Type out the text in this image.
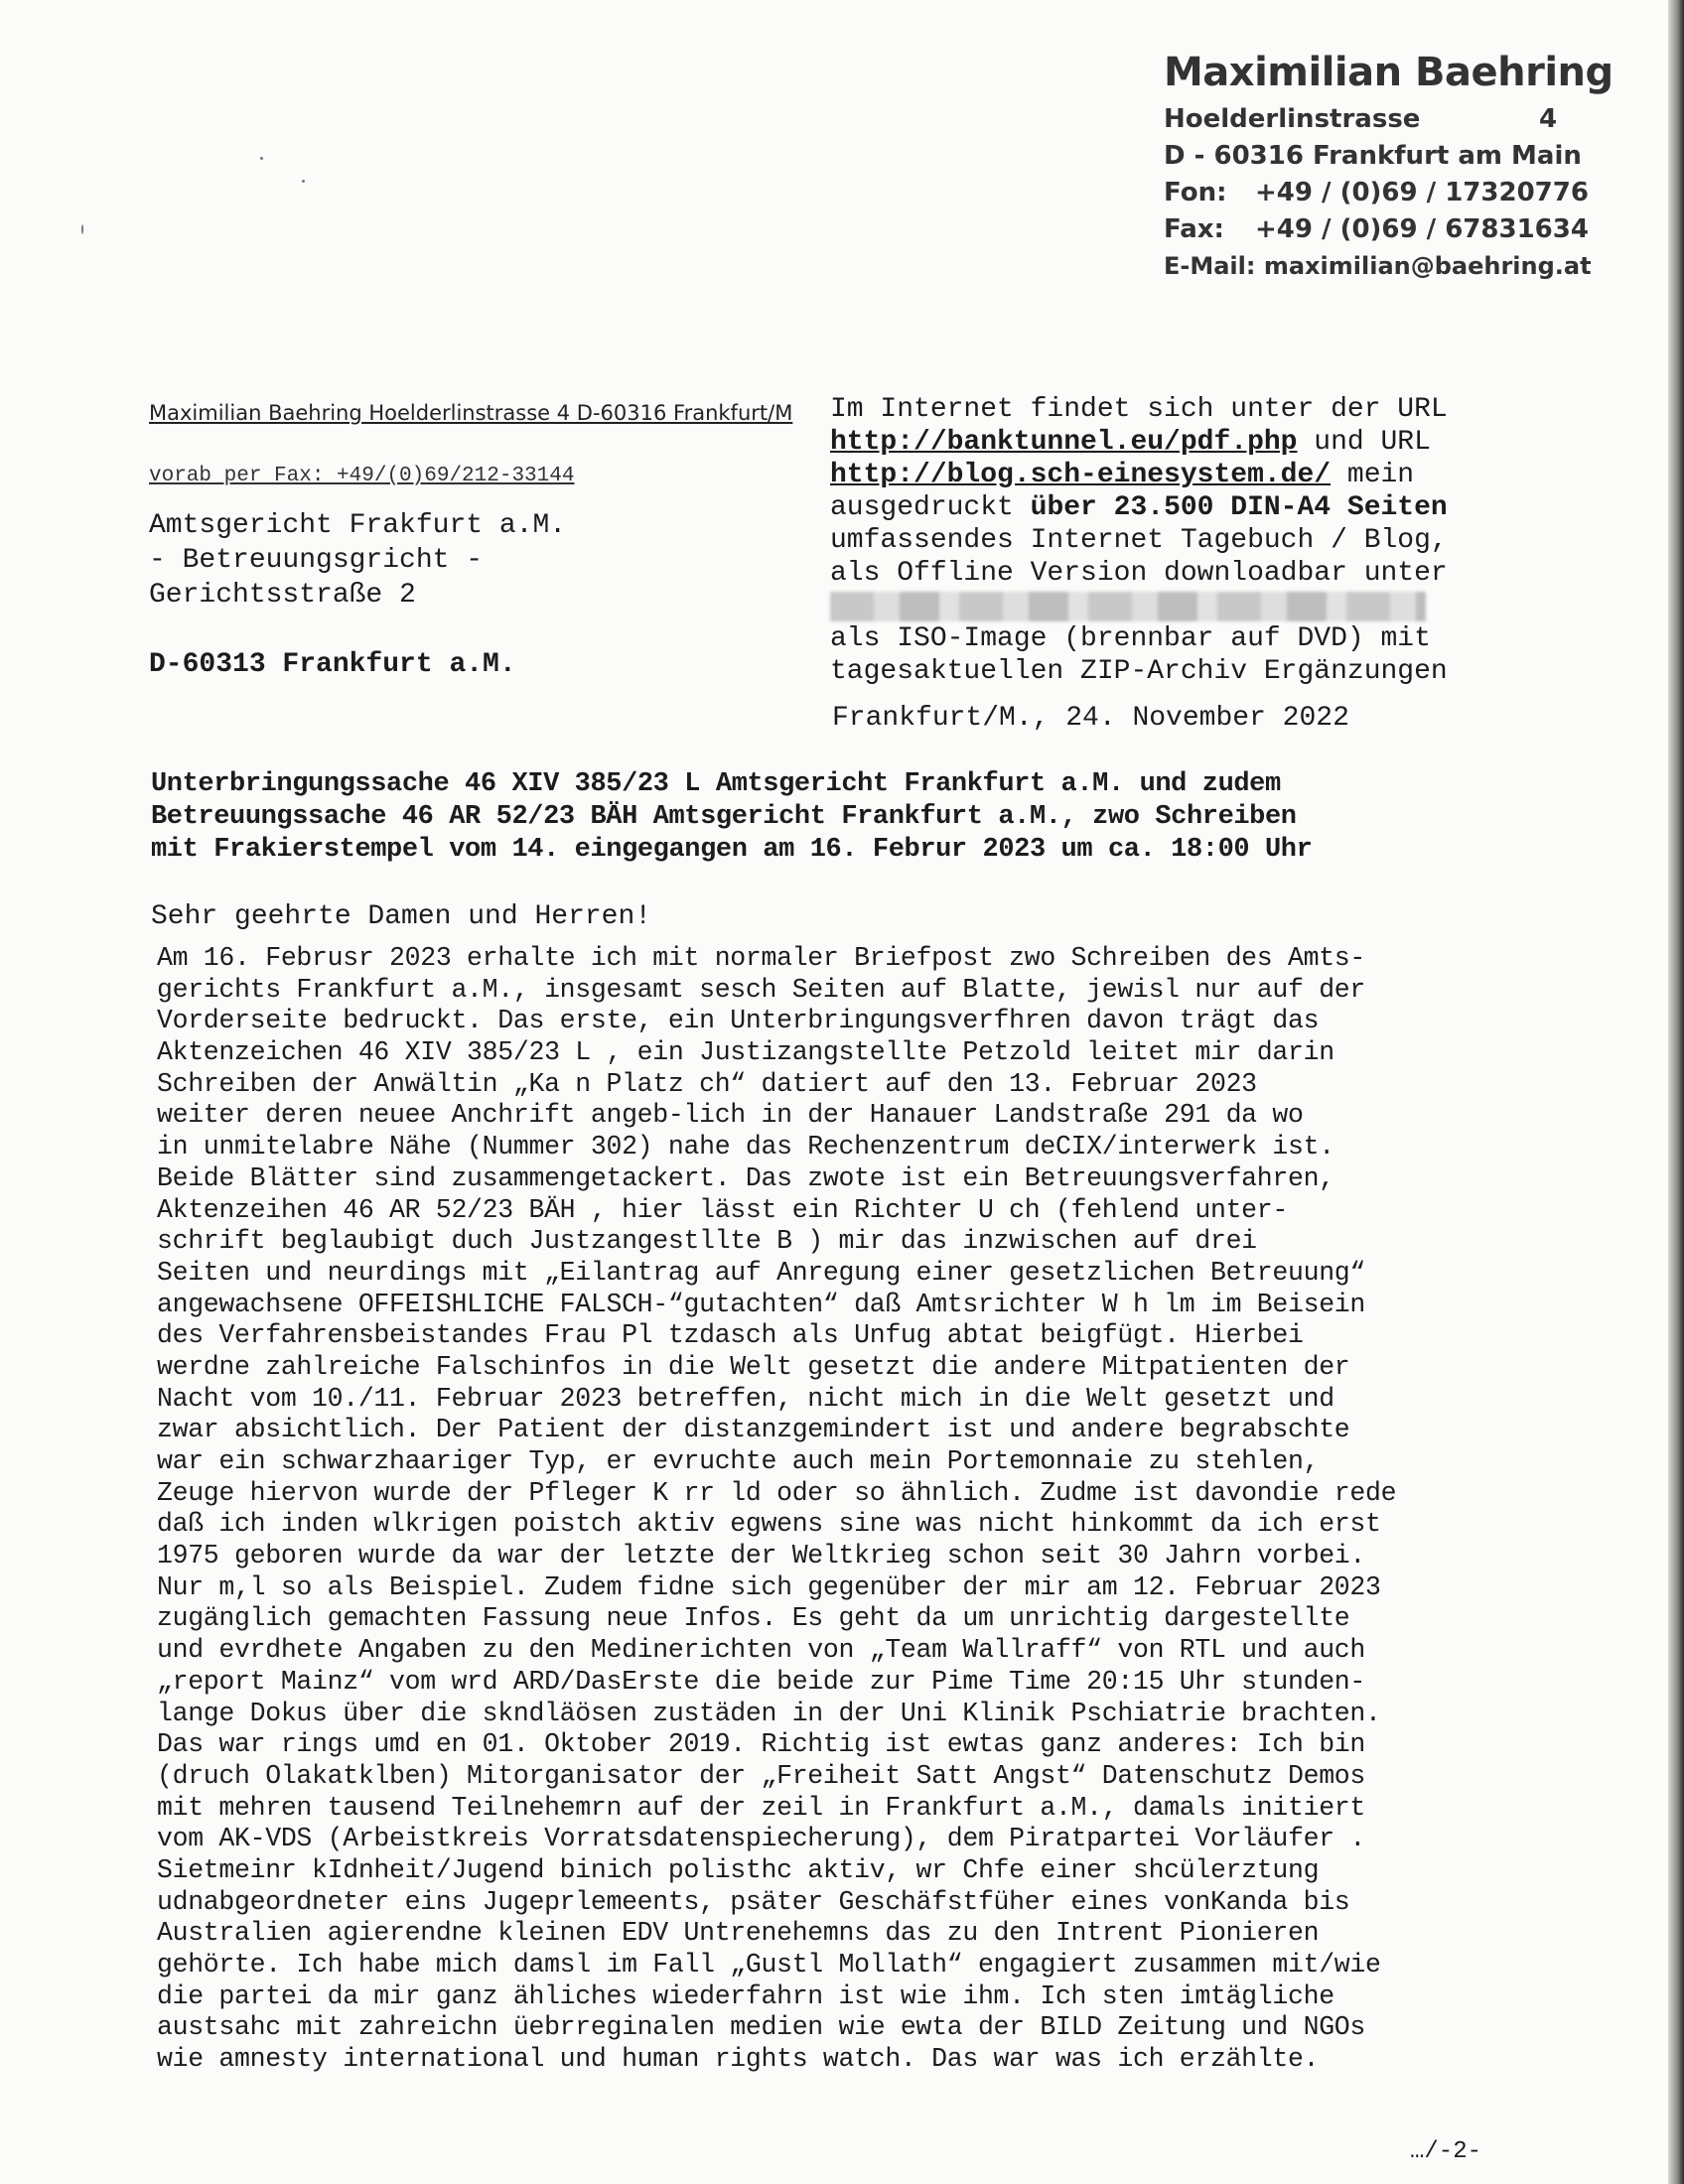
Maximilian Baehring
Hoelderlinstrasse	4
D - 60316 Frankfurt am Main
Fon: +49 / (0)69 / 17320776
Fax: +49 / (0)69 / 67831634
E-Mail: maximilian@baehring.at
Maximilian Baehring Hoelderlinstrasse 4 D-60316 Frankfurt/M
vorab per Fax: +49/(0)69/212-33144
Amtsgericht Frakfurt a.M.
- Betreuungsgricht -
Gerichtsstraße 2
D-60313 Frankfurt a.M.
Im Internet findet sich unter der URL
http://banktunnel.eu/pdf.php und URL
http://blog.sch-einesystem.de/ mein
ausgedruckt über 23.500 DIN-A4 Seiten
umfassendes Internet Tagebuch / Blog,
als Offline Version downloadbar unter
als ISO-Image (brennbar auf DVD) mit
tagesaktuellen ZIP-Archiv Ergänzungen
Frankfurt/M., 24. November 2022
Unterbringungssache 46 XIV 385/23 L Amtsgericht Frankfurt a.M. und zudem
Betreuungssache 46 AR 52/23 BÄH Amtsgericht Frankfurt a.M., zwo Schreiben
mit Frakierstempel vom 14. eingegangen am 16. Februr 2023 um ca. 18:00 Uhr
Sehr geehrte Damen und Herren!
Am 16. Februsr 2023 erhalte ich mit normaler Briefpost zwo Schreiben des Amts-
gerichts Frankfurt a.M., insgesamt sesch Seiten auf Blatte, jewisl nur auf der
Vorderseite bedruckt. Das erste, ein Unterbringungsverfhren davon trägt das
Aktenzeichen 46 XIV 385/23 L , ein Justizangstellte Petzold leitet mir darin
Schreiben der Anwältin „Ka n Platz ch“ datiert auf den 13. Februar 2023
weiter deren neuee Anchrift angeb-lich in der Hanauer Landstraße 291 da wo
in unmitelabre Nähe (Nummer 302) nahe das Rechenzentrum deCIX/interwerk ist.
Beide Blätter sind zusammengetackert. Das zwote ist ein Betreuungsverfahren,
Aktenzeihen 46 AR 52/23 BÄH , hier lässt ein Richter U ch (fehlend unter-
schrift beglaubigt duch Justzangestllte B ) mir das inzwischen auf drei
Seiten und neurdings mit „Eilantrag auf Anregung einer gesetzlichen Betreuung“
angewachsene OFFEISHLICHE FALSCH-“gutachten“ daß Amtsrichter W h lm im Beisein
des Verfahrensbeistandes Frau Pl tzdasch als Unfug abtat beigfügt. Hierbei
werdne zahlreiche Falschinfos in die Welt gesetzt die andere Mitpatienten der
Nacht vom 10./11. Februar 2023 betreffen, nicht mich in die Welt gesetzt und
zwar absichtlich. Der Patient der distanzgemindert ist und andere begrabschte
war ein schwarzhaariger Typ, er evruchte auch mein Portemonnaie zu stehlen,
Zeuge hiervon wurde der Pfleger K rr ld oder so ähnlich. Zudme ist davondie rede
daß ich inden wlkrigen poistch aktiv egwens sine was nicht hinkommt da ich erst
1975 geboren wurde da war der letzte der Weltkrieg schon seit 30 Jahrn vorbei.
Nur m,l so als Beispiel. Zudem fidne sich gegenüber der mir am 12. Februar 2023
zugänglich gemachten Fassung neue Infos. Es geht da um unrichtig dargestellte
und evrdhete Angaben zu den Medinerichten von „Team Wallraff“ von RTL und auch
„report Mainz“ vom wrd ARD/DasErste die beide zur Pime Time 20:15 Uhr stunden-
lange Dokus über die skndläösen zustäden in der Uni Klinik Pschiatrie brachten.
Das war rings umd en 01. Oktober 2019. Richtig ist ewtas ganz anderes: Ich bin
(druch Olakatklben) Mitorganisator der „Freiheit Satt Angst“ Datenschutz Demos
mit mehren tausend Teilnehemrn auf der zeil in Frankfurt a.M., damals initiert
vom AK-VDS (Arbeistkreis Vorratsdatenspiecherung), dem Piratpartei Vorläufer .
Sietmeinr kIdnheit/Jugend binich polisthc aktiv, wr Chfe einer shcülerztung
udnabgeordneter eins Jugeprlemeents, psäter Geschäfstfüher eines vonKanda bis
Australien agierendne kleinen EDV Untrenehemns das zu den Intrent Pionieren
gehörte. Ich habe mich damsl im Fall „Gustl Mollath“ engagiert zusammen mit/wie
die partei da mir ganz ähliches wiederfahrn ist wie ihm. Ich sten imtägliche
austsahc mit zahreichn üebrreginalen medien wie ewta der BILD Zeitung und NGOs
wie amnesty international und human rights watch. Das war was ich erzählte.
…/-2-
